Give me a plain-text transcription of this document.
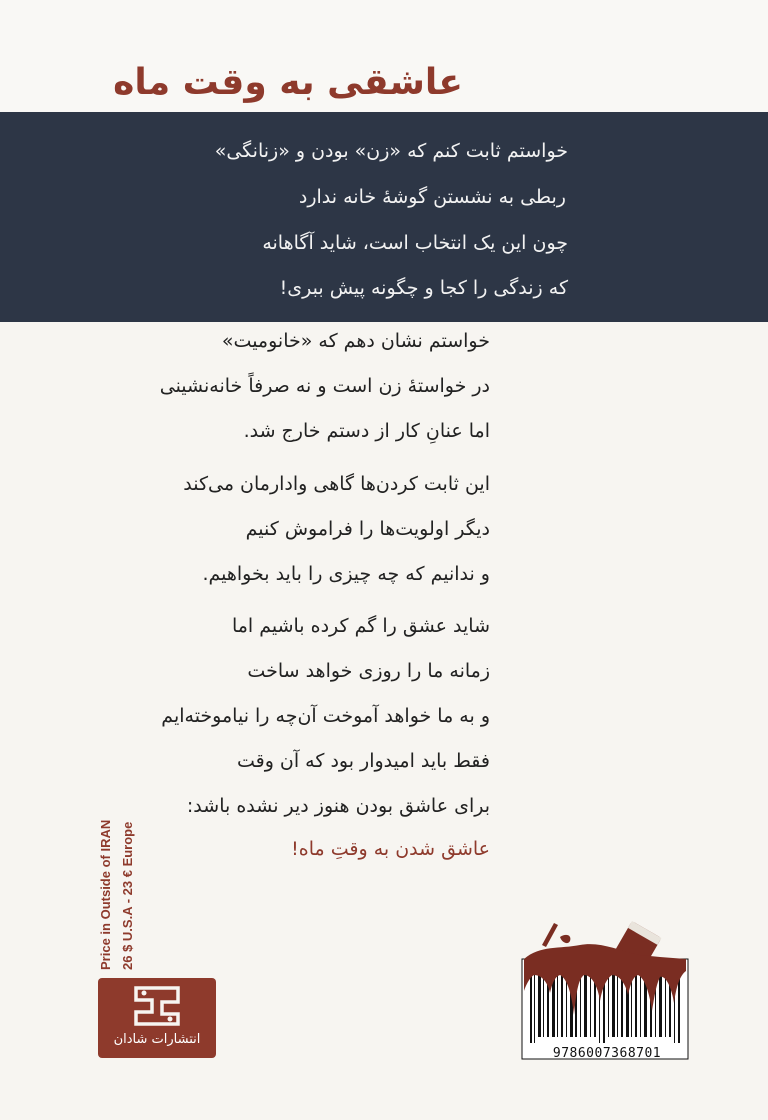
عاشقی به وقت ماه
خواستم ثابت کنم که «زن» بودن و «زنانگی»
ربطی به نشستن گوشهٔ خانه ندارد
چون این یک انتخاب است، شاید آگاهانه
که زندگی را کجا و چگونه پیش ببری!
خواستم نشان دهم که «خانومیت»
در خواستهٔ زن است و نه صرفاً خانه‌نشینی
اما عنانِ کار از دستم خارج شد.
این ثابت کردن‌ها گاهی وادارمان می‌کند
دیگر اولویت‌ها را فراموش کنیم
و ندانیم که چه چیزی را باید بخواهیم.
شاید عشق را گم کرده باشیم اما
زمانه ما را روزی خواهد ساخت
و به ما خواهد آموخت آن‌چه را نیاموخته‌ایم
فقط باید امیدوار بود که آن وقت
برای عاشق بودن هنوز دیر نشده باشد:
عاشق شدن به وقتِ ماه!
Price in Outside of IRAN 26 $ U.S.A - 23 € Europe
انتشارات شادان
9786007368701
